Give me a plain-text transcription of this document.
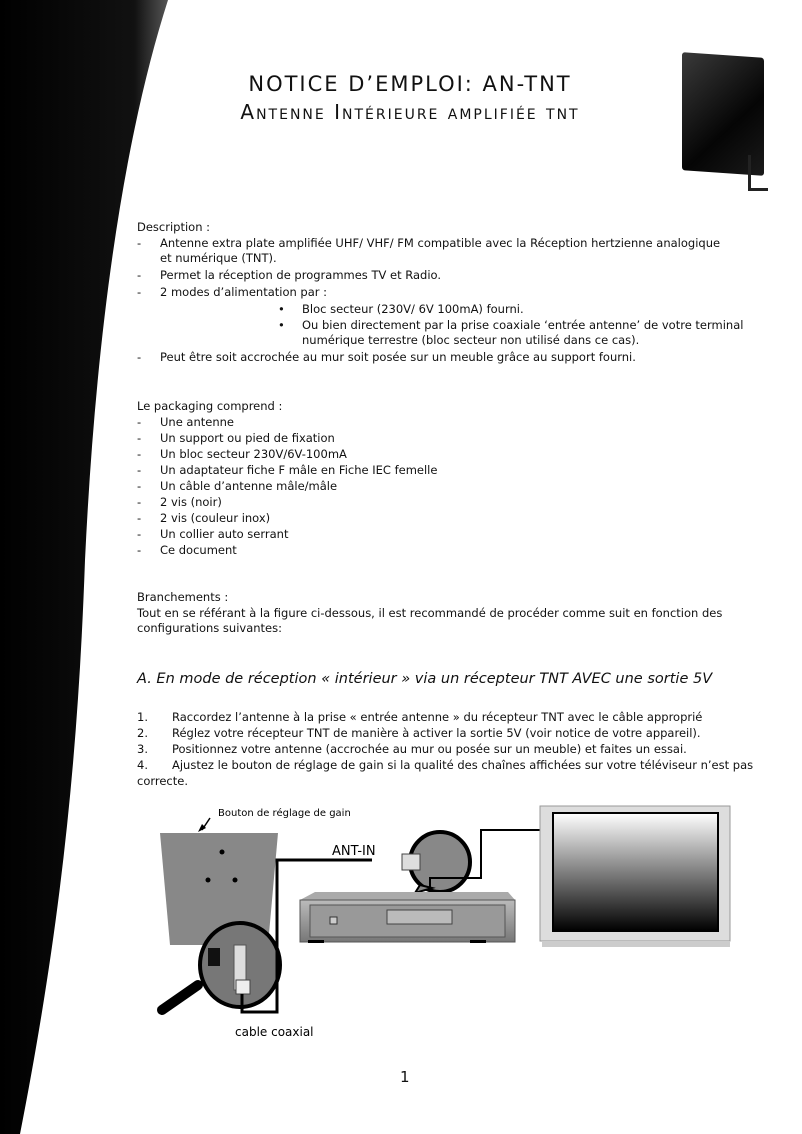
NOTICE D’EMPLOI: AN-TNT
Antenne Intérieure amplifiée tnt
Description :
- Antenne extra plate amplifiée UHF/ VHF/ FM compatible avec la Réception hertzienne analogique
et numérique (TNT).
- Permet la réception de programmes TV et Radio.
- 2 modes d’alimentation par :
• Bloc secteur (230V/ 6V 100mA) fourni.
• Ou bien directement par la prise coaxiale ‘entrée antenne’ de votre terminal
numérique terrestre (bloc secteur non utilisé dans ce cas).
- Peut être soit accrochée au mur soit posée sur un meuble grâce au support fourni.
Le packaging comprend :
- Une antenne
- Un support ou pied de fixation
- Un bloc secteur 230V/6V-100mA
- Un adaptateur fiche F mâle en Fiche IEC femelle
- Un câble d’antenne mâle/mâle
- 2 vis (noir)
- 2 vis (couleur inox)
- Un collier auto serrant
- Ce document
Branchements :
Tout en se référant à la figure ci-dessous, il est recommandé de procéder comme suit en fonction des
configurations suivantes:
A. En mode de réception « intérieur » via un récepteur TNT AVEC une sortie 5V
1. Raccordez l’antenne à la prise « entrée antenne » du récepteur TNT avec le câble approprié
2. Réglez votre récepteur TNT de manière à activer la sortie 5V (voir notice de votre appareil).
3. Positionnez votre antenne (accrochée au mur ou posée sur un meuble) et faites un essai.
4. Ajustez le bouton de réglage de gain si la qualité des chaînes affichées sur votre téléviseur n’est pas
correcte.
ANT-IN
Bouton de réglage de gain
cable coaxial
1
